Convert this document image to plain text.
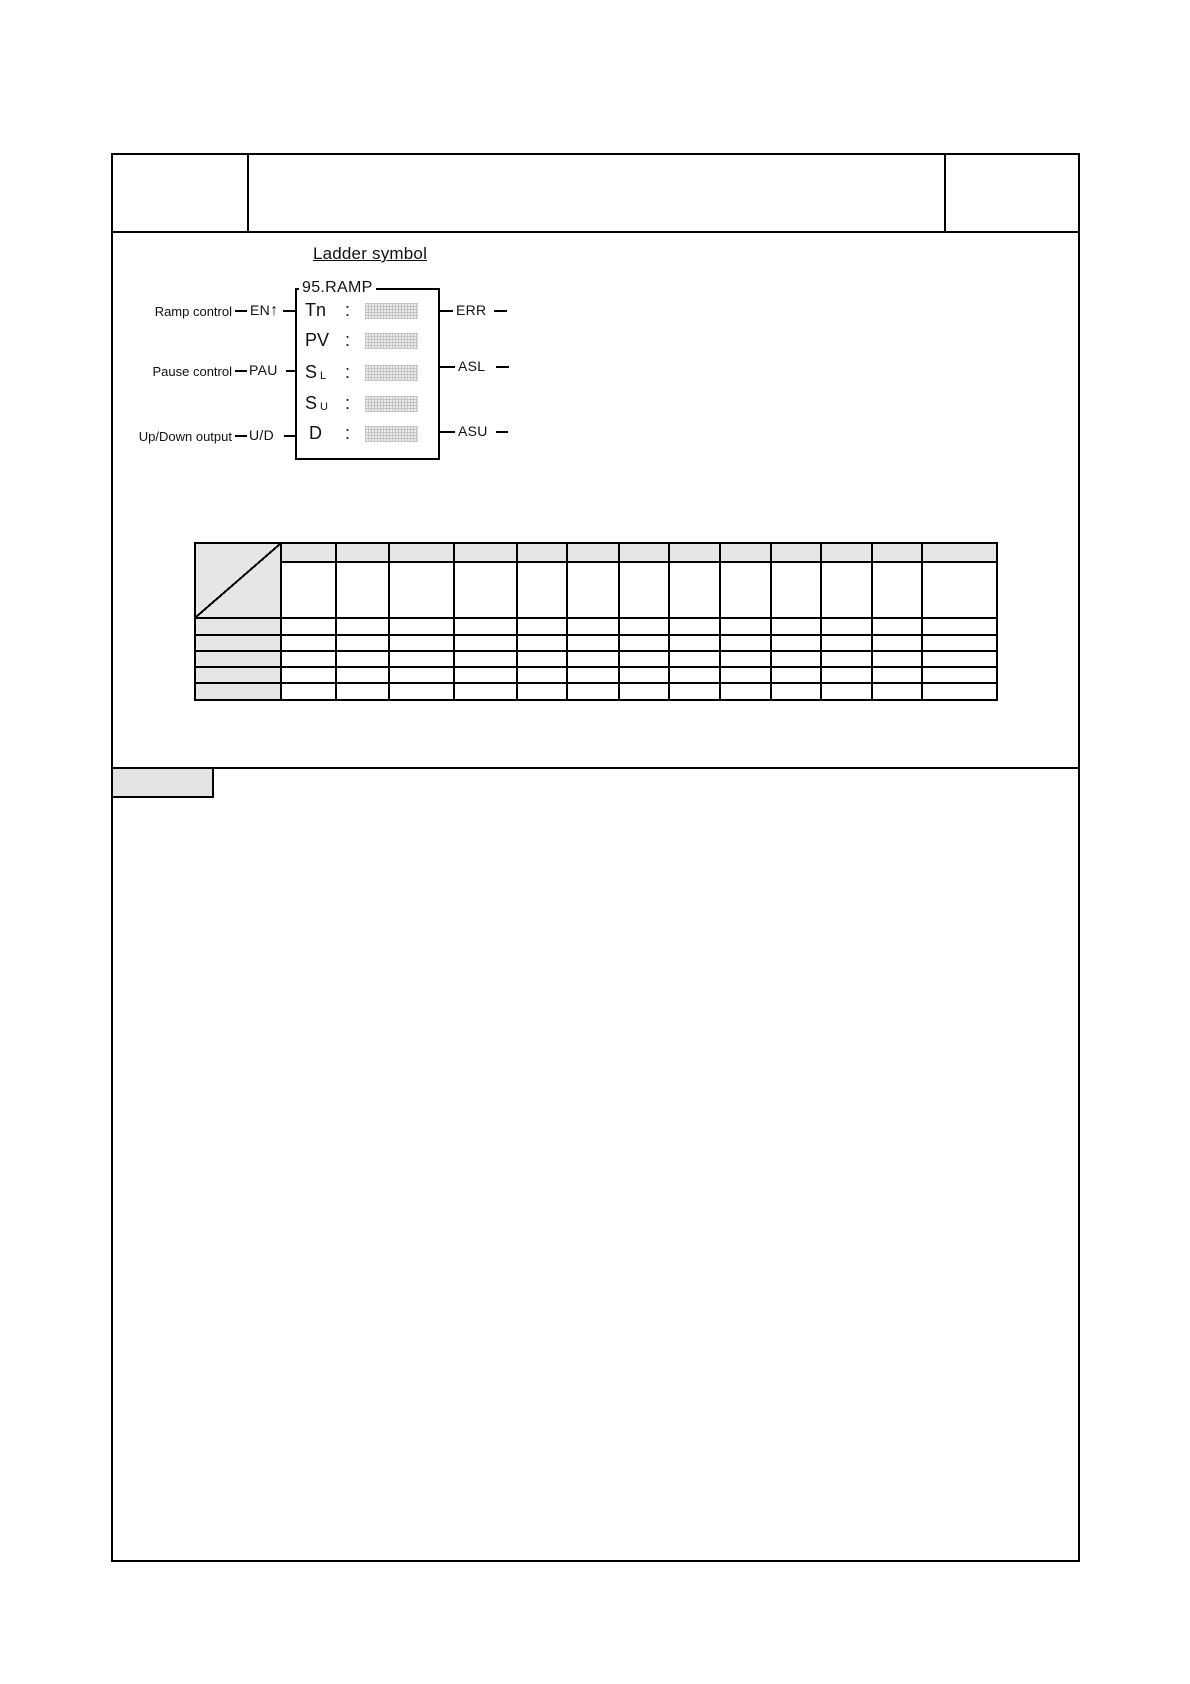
Ladder symbol
95.RAMP
Ramp control EN↑
Pause control PAU
Up/Down output U/D
Tn :
PV :
S L :
S U :
D :
ERR
ASL
ASU
